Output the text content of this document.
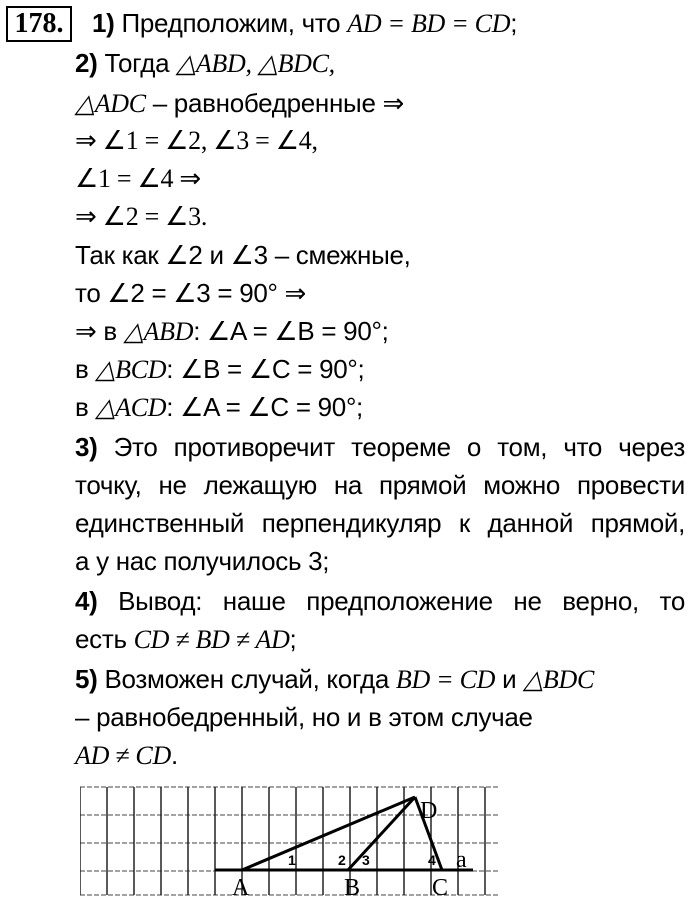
178.	1) Предположим, что AD = BD = CD;
2) Тогда △ABD, △BDC,
△ADC – равнобедренные ⇒
⇒ ∠1 = ∠2, ∠3 = ∠4,
∠1 = ∠4 ⇒
⇒ ∠2 = ∠3.
Так как ∠2 и ∠3 – смежные,
то ∠2 = ∠3 = 90° ⇒
⇒ в △ABD: ∠A = ∠B = 90°;
в △BCD: ∠B = ∠C = 90°;
в △ACD: ∠A = ∠C = 90°;
3) Это противоречит теореме о том, что через
точку, не лежащую на прямой можно провести
единственный перпендикуляр к данной прямой,
а у нас получилось 3;
4) Вывод: наше предположение не верно, то
есть CD ≠ BD ≠ AD;
5) Возможен случай, когда BD = CD и △BDC
– равнобедренный, но и в этом случае
AD ≠ CD.
A	B	C
D
a
1	2 3	4
